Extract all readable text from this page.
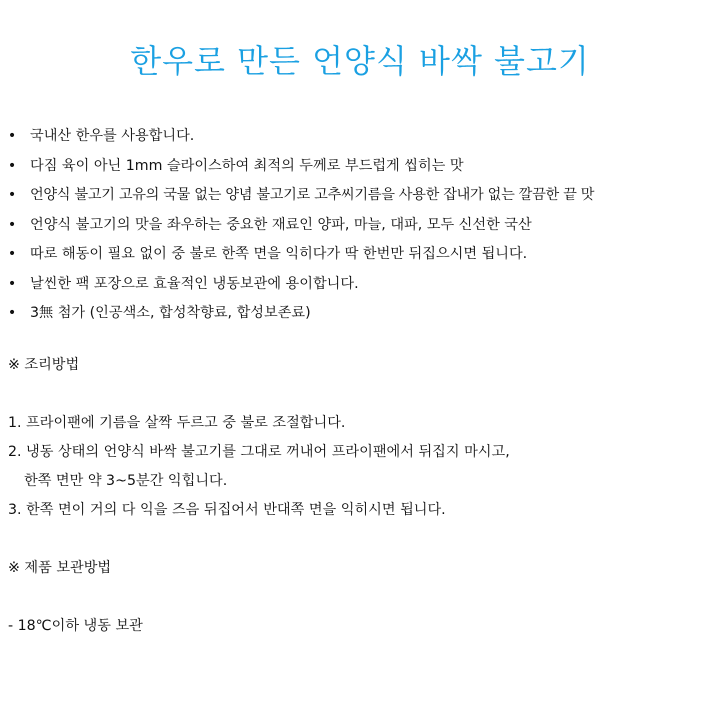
한우로 만든 언양식 바싹 불고기
• 국내산 한우를 사용합니다.
• 다짐 육이 아닌 1mm 슬라이스하여 최적의 두께로 부드럽게 씹히는 맛
• 언양식 불고기 고유의 국물 없는 양념 불고기로 고추씨기름을 사용한 잡내가 없는 깔끔한 끝 맛
• 언양식 불고기의 맛을 좌우하는 중요한 재료인 양파, 마늘, 대파, 모두 신선한 국산
• 따로 해동이 필요 없이 중 불로 한쪽 면을 익히다가 딱 한번만 뒤집으시면 됩니다.
• 날씬한 팩 포장으로 효율적인 냉동보관에 용이합니다.
• 3無 첨가 (인공색소, 합성착향료, 합성보존료)
※ 조리방법
1. 프라이팬에 기름을 살짝 두르고 중 불로 조절합니다.
2. 냉동 상태의 언양식 바싹 불고기를 그대로 꺼내어 프라이팬에서 뒤집지 마시고,
한쪽 면만 약 3~5분간 익힙니다.
3. 한쪽 면이 거의 다 익을 즈음 뒤집어서 반대쪽 면을 익히시면 됩니다.
※ 제품 보관방법
- 18℃이하 냉동 보관
